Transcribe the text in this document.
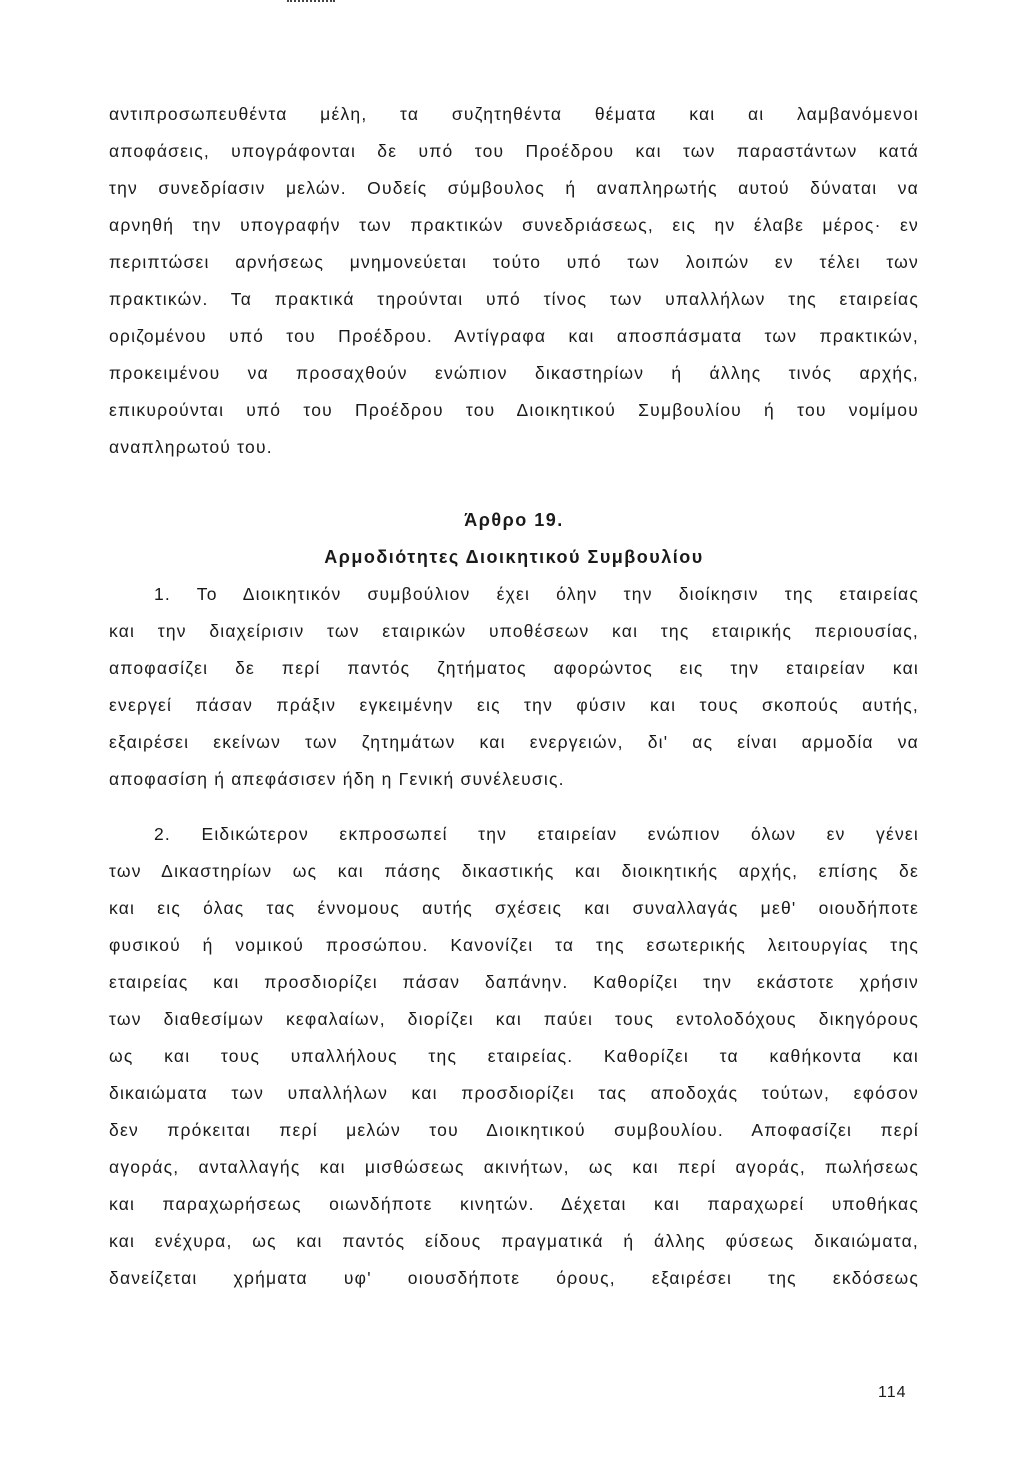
αντιπροσωπευθέντα μέλη, τα συζητηθέντα θέματα και αι λαμβανόμενοι
αποφάσεις, υπογράφονται δε υπό του Προέδρου και των παραστάντων κατά
την συνεδρίασιν μελών. Ουδείς σύμβουλος ή αναπληρωτής αυτού δύναται να
αρνηθή την υπογραφήν των πρακτικών συνεδριάσεως, εις ην έλαβε μέρος· εν
περιπτώσει αρνήσεως μνημονεύεται τούτο υπό των λοιπών εν τέλει των
πρακτικών. Τα πρακτικά τηρούνται υπό τίνος των υπαλλήλων της εταιρείας
οριζομένου υπό του Προέδρου. Αντίγραφα και αποσπάσματα των πρακτικών,
προκειμένου να προσαχθούν ενώπιον δικαστηρίων ή άλλης τινός αρχής,
επικυρούνται υπό του Προέδρου του Διοικητικού Συμβουλίου ή του νομίμου
αναπληρωτού του.
Άρθρο 19.
Αρμοδιότητες Διοικητικού Συμβουλίου
1. Το Διοικητικόν συμβούλιον έχει όλην την διοίκησιν της εταιρείας
και την διαχείρισιν των εταιρικών υποθέσεων και της εταιρικής περιουσίας,
αποφασίζει δε περί παντός ζητήματος αφορώντος εις την εταιρείαν και
ενεργεί πάσαν πράξιν εγκειμένην εις την φύσιν και τους σκοπούς αυτής,
εξαιρέσει εκείνων των ζητημάτων και ενεργειών, δι' ας είναι αρμοδία να
αποφασίση ή απεφάσισεν ήδη η Γενική συνέλευσις.
2. Ειδικώτερον εκπροσωπεί την εταιρείαν ενώπιον όλων εν γένει
των Δικαστηρίων ως και πάσης δικαστικής και διοικητικής αρχής, επίσης δε
και εις όλας τας έννομους αυτής σχέσεις και συναλλαγάς μεθ' οιουδήποτε
φυσικού ή νομικού προσώπου. Κανονίζει τα της εσωτερικής λειτουργίας της
εταιρείας και προσδιορίζει πάσαν δαπάνην. Καθορίζει την εκάστοτε χρήσιν
των διαθεσίμων κεφαλαίων, διορίζει και παύει τους εντολοδόχους δικηγόρους
ως και τους υπαλλήλους της εταιρείας. Καθορίζει τα καθήκοντα και
δικαιώματα των υπαλλήλων και προσδιορίζει τας αποδοχάς τούτων, εφόσον
δεν πρόκειται περί μελών του Διοικητικού συμβουλίου. Αποφασίζει περί
αγοράς, ανταλλαγής και μισθώσεως ακινήτων, ως και περί αγοράς, πωλήσεως
και παραχωρήσεως οιωνδήποτε κινητών. Δέχεται και παραχωρεί υποθήκας
και ενέχυρα, ως και παντός είδους πραγματικά ή άλλης φύσεως δικαιώματα,
δανείζεται χρήματα υφ' οιουσδήποτε όρους, εξαιρέσει της εκδόσεως
114
